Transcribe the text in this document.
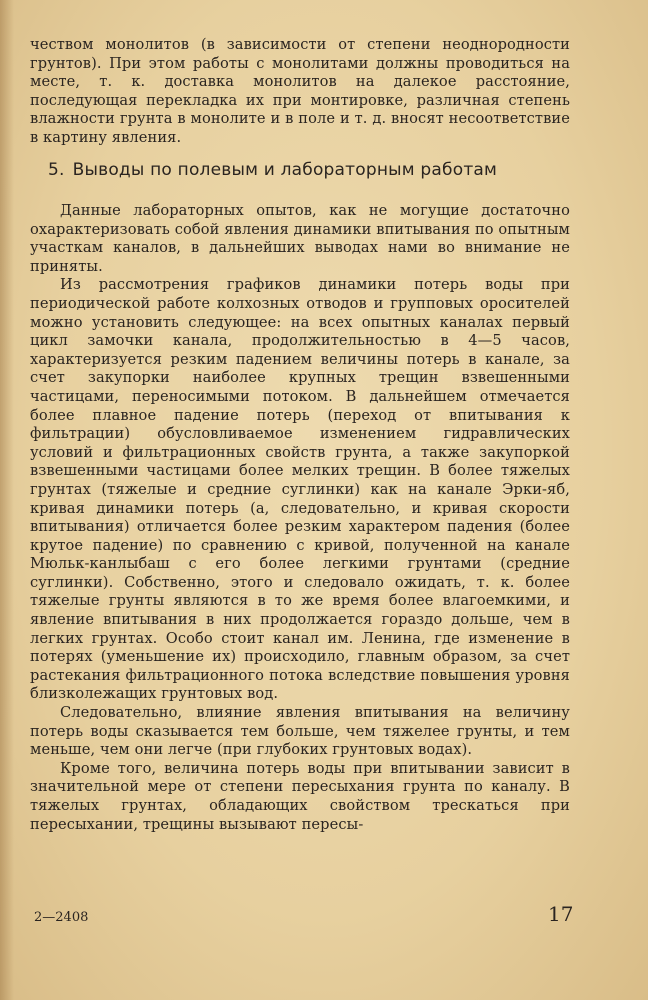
чеством монолитов (в зависимости от степени неоднородности грунтов). При этом работы с монолитами должны проводиться на месте, т. к. доставка монолитов на далекое расстояние, последующая перекладка их при монтировке, различная степень влажности грунта в монолите и в поле и т. д. вносят несоответствие в картину явления.

5. Выводы по полевым и лабораторным работам

Данные лабораторных опытов, как не могущие достаточно охарактеризовать собой явления динамики впитывания по опытным участкам каналов, в дальнейших выводах нами во внимание не приняты.

Из рассмотрения графиков динамики потерь воды при периодической работе колхозных отводов и групповых оросителей можно установить следующее: на всех опытных каналах первый цикл замочки канала, продолжительностью в 4—5 часов, характеризуется резким падением величины потерь в канале, за счет закупорки наиболее крупных трещин взвешенными частицами, переносимыми потоком. В дальнейшем отмечается более плавное падение потерь (переход от впитывания к фильтрации) обусловливаемое изменением гидравлических условий и фильтрационных свойств грунта, а также закупоркой взвешенными частицами более мелких трещин. В более тяжелых грунтах (тяжелые и средние суглинки) как на канале Эрки-яб, кривая динамики потерь (а, следовательно, и кривая скорости впитывания) отличается более резким характером падения (более крутое падение) по сравнению с кривой, полученной на канале Мюльк-канлыбаш с его более легкими грунтами (средние суглинки). Собственно, этого и следовало ожидать, т. к. более тяжелые грунты являются в то же время более влагоемкими, и явление впитывания в них продолжается гораздо дольше, чем в легких грунтах. Особо стоит канал им. Ленина, где изменение в потерях (уменьшение их) происходило, главным образом, за счет растекания фильтрационного потока вследствие повышения уровня близколежащих грунтовых вод.

Следовательно, влияние явления впитывания на величину потерь воды сказывается тем больше, чем тяжелее грунты, и тем меньше, чем они легче (при глубоких грунтовых водах).

Кроме того, величина потерь воды при впитывании зависит в значительной мере от степени пересыхания грунта по каналу. В тяжелых грунтах, обладающих свойством трескаться при пересыхании, трещины вызывают пересы-

2—2408	17
